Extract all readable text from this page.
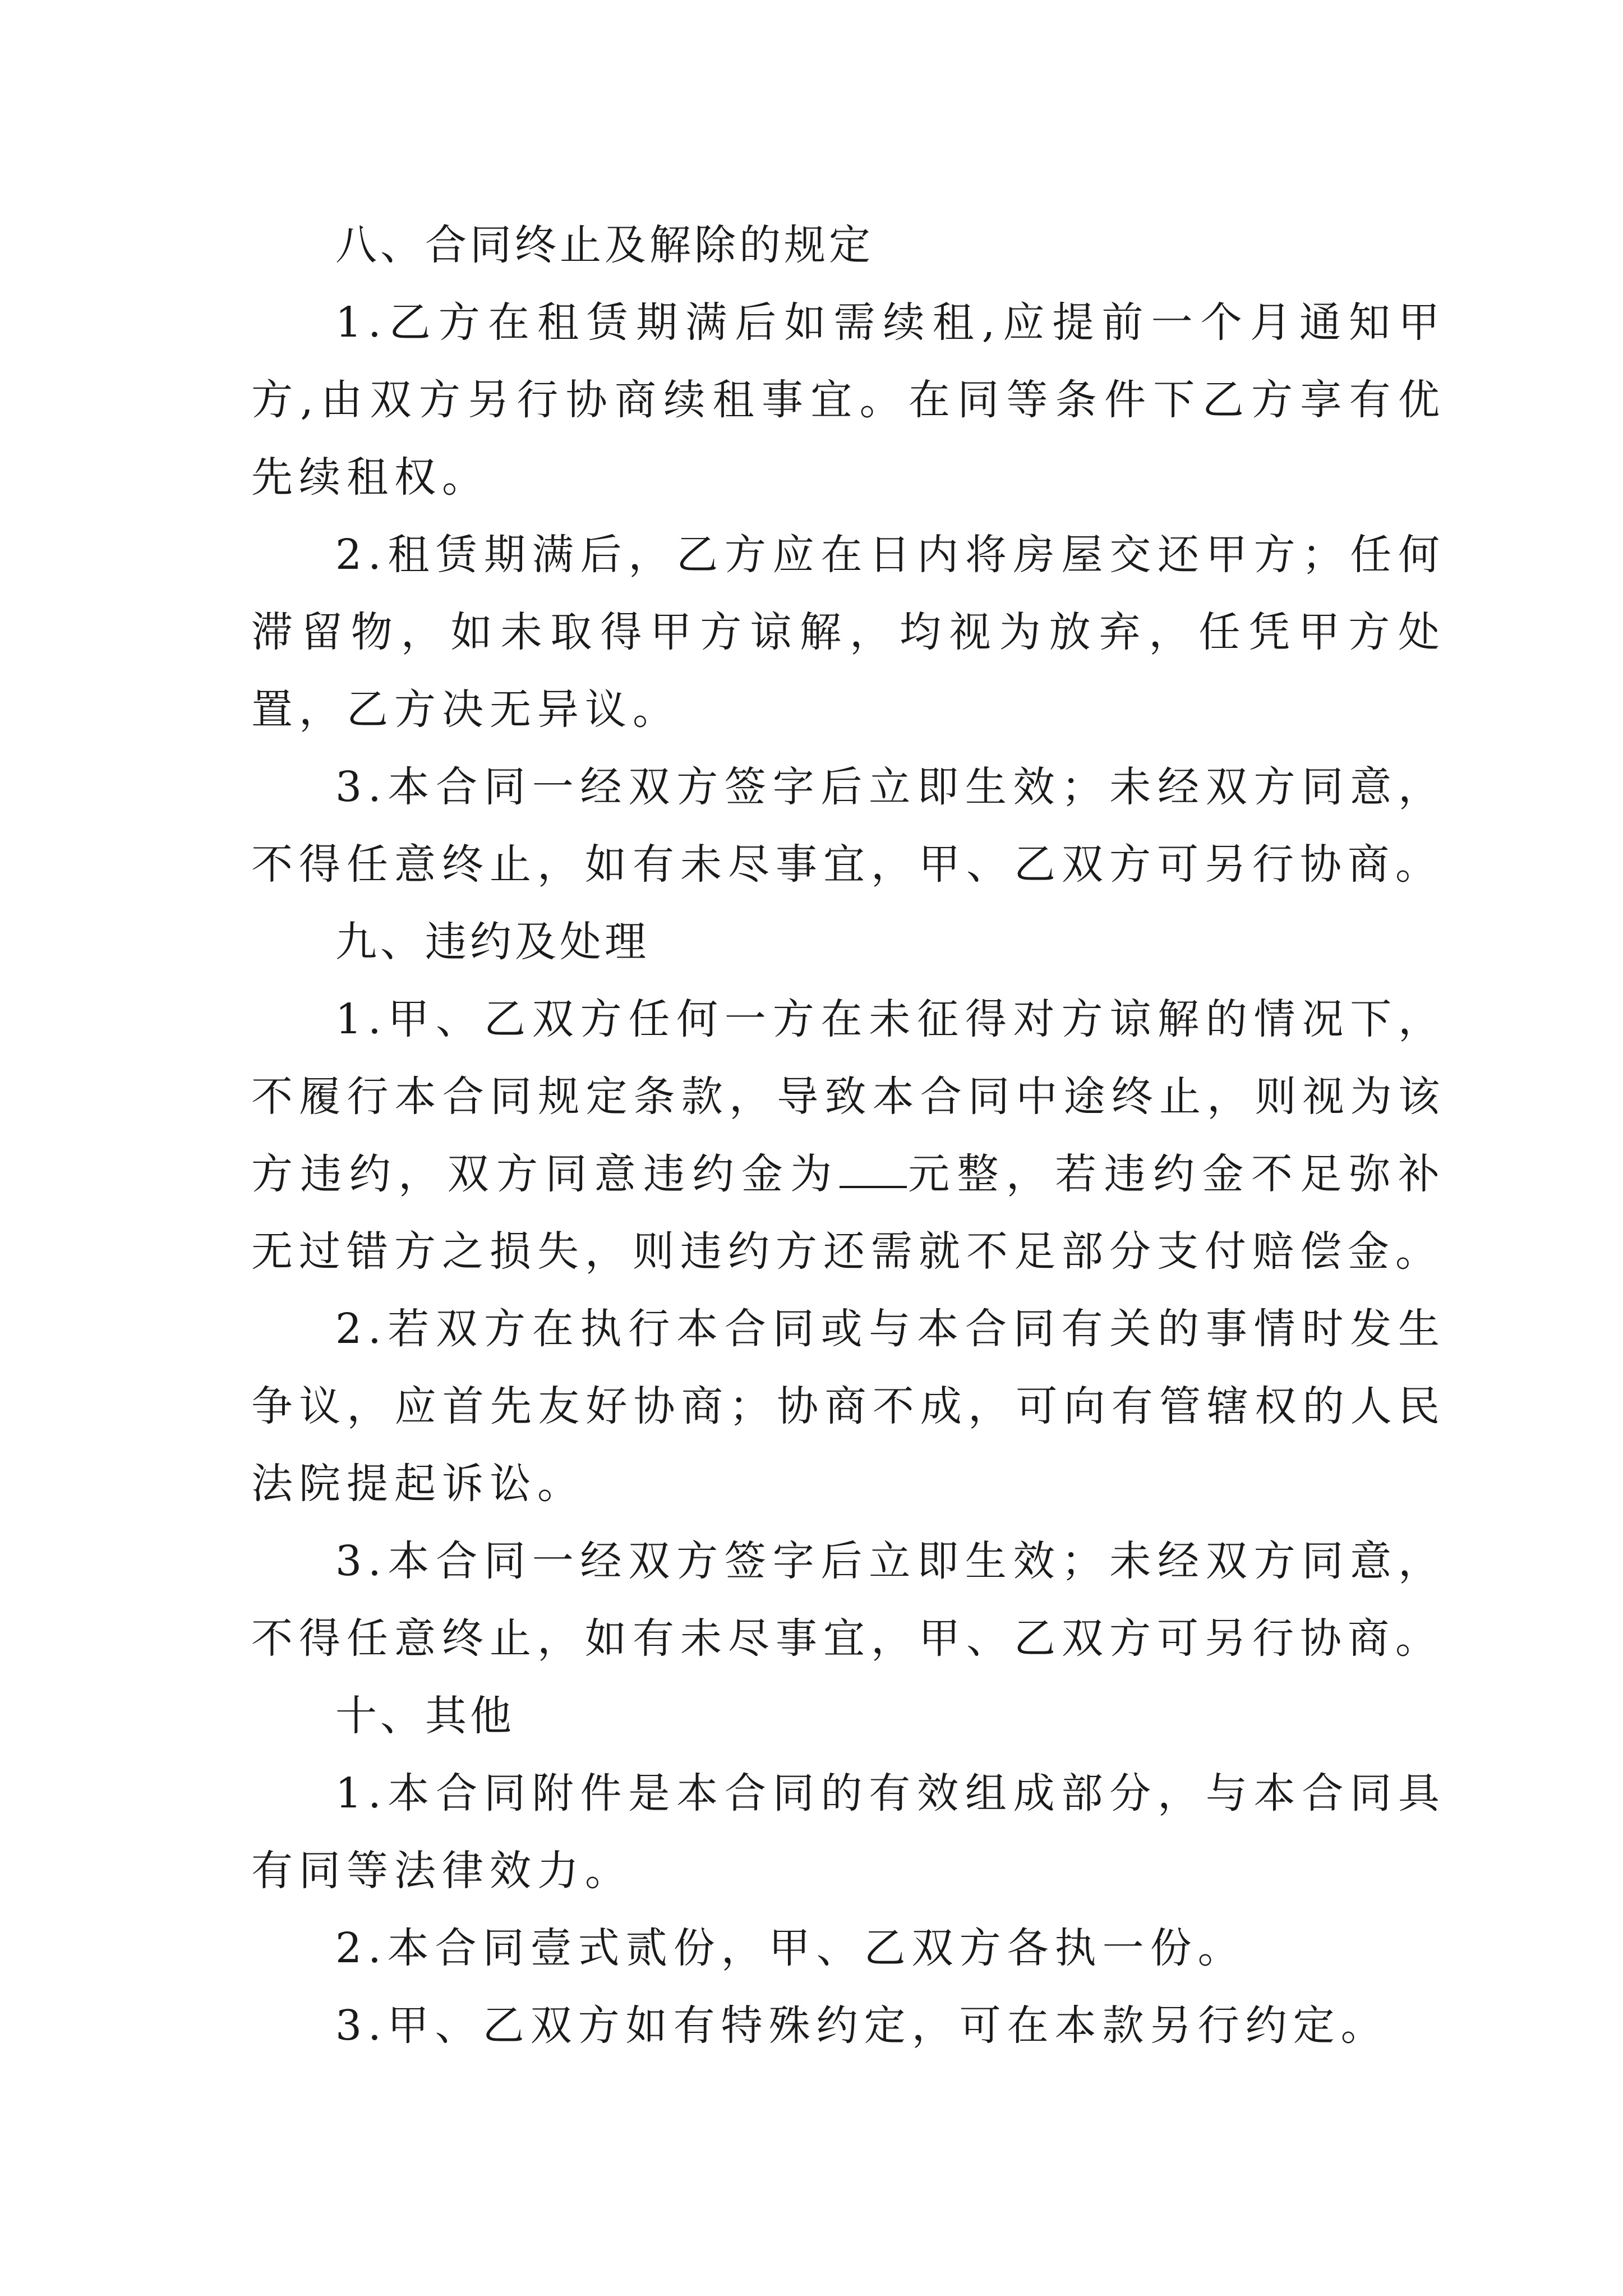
八、合同终止及解除的规定

1.乙方在租赁期满后如需续租,应提前一个月通知甲方,由双方另行协商续租事宜。在同等条件下乙方享有优先续租权。

2.租赁期满后，乙方应在日内将房屋交还甲方；任何滞留物，如未取得甲方谅解，均视为放弃，任凭甲方处置，乙方决无异议。

3.本合同一经双方签字后立即生效；未经双方同意，不得任意终止，如有未尽事宜，甲、乙双方可另行协商。

九、违约及处理

1.甲、乙双方任何一方在未征得对方谅解的情况下，不履行本合同规定条款，导致本合同中途终止，则视为该方违约，双方同意违约金为 元整，若违约金不足弥补无过错方之损失，则违约方还需就不足部分支付赔偿金。

2.若双方在执行本合同或与本合同有关的事情时发生争议，应首先友好协商；协商不成，可向有管辖权的人民法院提起诉讼。

3.本合同一经双方签字后立即生效；未经双方同意，不得任意终止，如有未尽事宜，甲、乙双方可另行协商。

十、其他

1.本合同附件是本合同的有效组成部分，与本合同具有同等法律效力。

2.本合同壹式贰份，甲、乙双方各执一份。

3.甲、乙双方如有特殊约定，可在本款另行约定。
